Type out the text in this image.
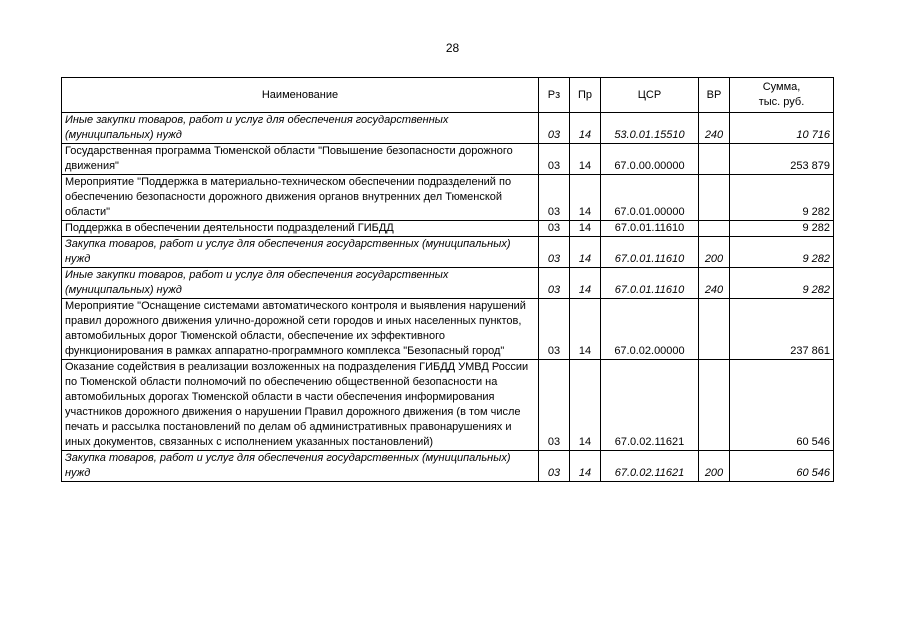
28
Наименование	Рз	Пр	ЦСР	ВР	Сумма,
тыс. руб.
Иные закупки товаров, работ и услуг для обеспечения государственных (муниципальных) нужд	03	14	53.0.01.15510	240	10 716
Государственная программа Тюменской области "Повышение безопасности дорожного движения"	03	14	67.0.00.00000		253 879
Мероприятие "Поддержка в материально-техническом обеспечении подразделений по обеспечению безопасности дорожного движения органов внутренних дел Тюменской области"	03	14	67.0.01.00000		9 282
Поддержка в обеспечении деятельности подразделений ГИБДД	03	14	67.0.01.11610		9 282
Закупка товаров, работ и услуг для обеспечения государственных (муниципальных) нужд	03	14	67.0.01.11610	200	9 282
Иные закупки товаров, работ и услуг для обеспечения государственных (муниципальных) нужд	03	14	67.0.01.11610	240	9 282
Мероприятие "Оснащение системами автоматического контроля и выявления нарушений правил дорожного движения улично-дорожной сети городов и иных населенных пунктов, автомобильных дорог Тюменской области, обеспечение их эффективного функционирования в рамках аппаратно-программного комплекса "Безопасный город"	03	14	67.0.02.00000		237 861
Оказание содействия в реализации возложенных на подразделения ГИБДД УМВД России по Тюменской области полномочий по обеспечению общественной безопасности на автомобильных дорогах Тюменской области в части обеспечения информирования участников дорожного движения о нарушении Правил дорожного движения (в том числе печать и рассылка постановлений по делам об административных правонарушениях и иных документов, связанных с исполнением указанных постановлений)	03	14	67.0.02.11621		60 546
Закупка товаров, работ и услуг для обеспечения государственных (муниципальных) нужд	03	14	67.0.02.11621	200	60 546
